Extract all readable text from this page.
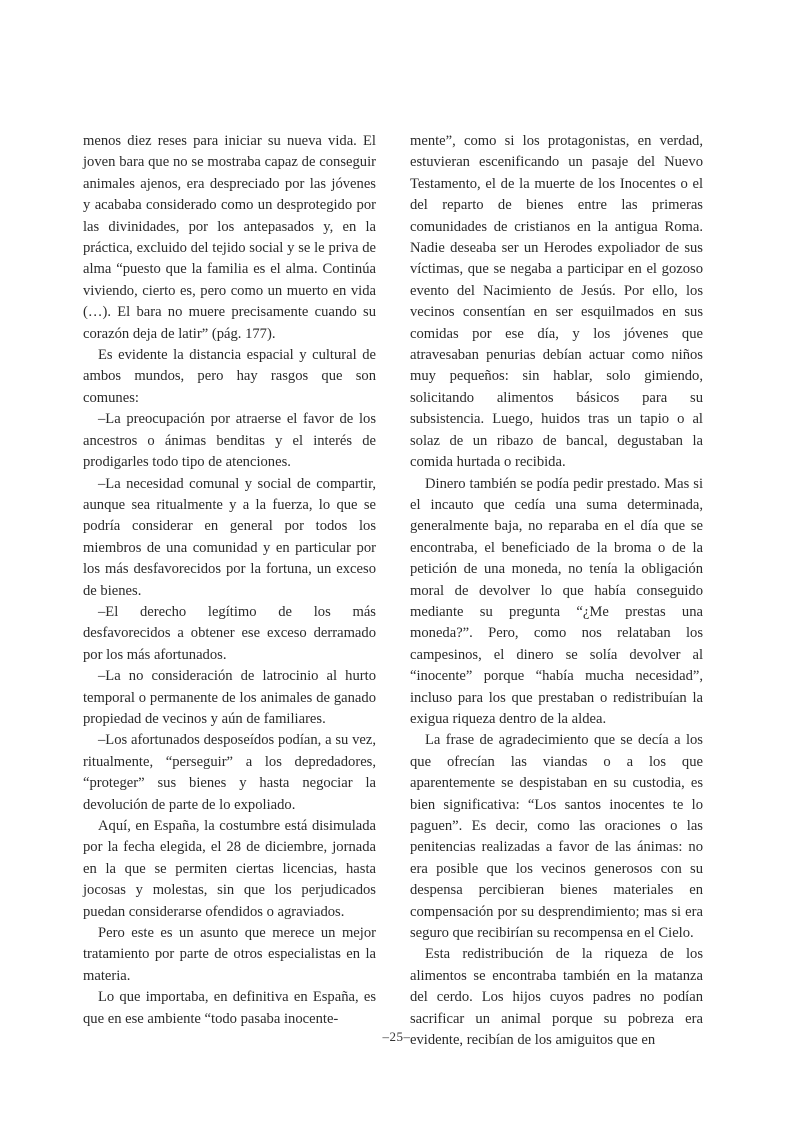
menos diez reses para iniciar su nueva vida. El joven bara que no se mostraba capaz de conseguir animales ajenos, era despreciado por las jóvenes y acababa considerado como un desprotegido por las divinidades, por los antepasados y, en la práctica, excluido del tejido social y se le priva de alma “puesto que la familia es el alma. Continúa viviendo, cierto es, pero como un muerto en vida (…). El bara no muere precisamente cuando su corazón deja de latir” (pág. 177).

Es evidente la distancia espacial y cultural de ambos mundos, pero hay rasgos que son comunes:

–La preocupación por atraerse el favor de los ancestros o ánimas benditas y el interés de prodigarles todo tipo de atenciones.

–La necesidad comunal y social de compartir, aunque sea ritualmente y a la fuerza, lo que se podría considerar en general por todos los miembros de una comunidad y en particular por los más desfavorecidos por la fortuna, un exceso de bienes.

–El derecho legítimo de los más desfavorecidos a obtener ese exceso derramado por los más afortunados.

–La no consideración de latrocinio al hurto temporal o permanente de los animales de ganado propiedad de vecinos y aún de familiares.

–Los afortunados desposeídos podían, a su vez, ritualmente, “perseguir” a los depredadores, “proteger” sus bienes y hasta negociar la devolución de parte de lo expoliado.

Aquí, en España, la costumbre está disimulada por la fecha elegida, el 28 de diciembre, jornada en la que se permiten ciertas licencias, hasta jocosas y molestas, sin que los perjudicados puedan considerarse ofendidos o agraviados.

Pero este es un asunto que merece un mejor tratamiento por parte de otros especialistas en la materia.

Lo que importaba, en definitiva en España, es que en ese ambiente “todo pasaba inocente-

mente”, como si los protagonistas, en verdad, estuvieran escenificando un pasaje del Nuevo Testamento, el de la muerte de los Inocentes o el del reparto de bienes entre las primeras comunidades de cristianos en la antigua Roma. Nadie deseaba ser un Herodes expoliador de sus víctimas, que se negaba a participar en el gozoso evento del Nacimiento de Jesús. Por ello, los vecinos consentían en ser esquilmados en sus comidas por ese día, y los jóvenes que atravesaban penurias debían actuar como niños muy pequeños: sin hablar, solo gimiendo, solicitando alimentos básicos para su subsistencia. Luego, huidos tras un tapio o al solaz de un ribazo de bancal, degustaban la comida hurtada o recibida.

Dinero también se podía pedir prestado. Mas si el incauto que cedía una suma determinada, generalmente baja, no reparaba en el día que se encontraba, el beneficiado de la broma o de la petición de una moneda, no tenía la obligación moral de devolver lo que había conseguido mediante su pregunta “¿Me prestas una moneda?”. Pero, como nos relataban los campesinos, el dinero se solía devolver al “inocente” porque “había mucha necesidad”, incluso para los que prestaban o redistribuían la exigua riqueza dentro de la aldea.

La frase de agradecimiento que se decía a los que ofrecían las viandas o a los que aparentemente se despistaban en su custodia, es bien significativa: “Los santos inocentes te lo paguen”. Es decir, como las oraciones o las penitencias realizadas a favor de las ánimas: no era posible que los vecinos generosos con su despensa percibieran bienes materiales en compensación por su desprendimiento; mas si era seguro que recibirían su recompensa en el Cielo.

Esta redistribución de la riqueza de los alimentos se encontraba también en la matanza del cerdo. Los hijos cuyos padres no podían sacrificar un animal porque su pobreza era evidente, recibían de los amiguitos que en

–25–
